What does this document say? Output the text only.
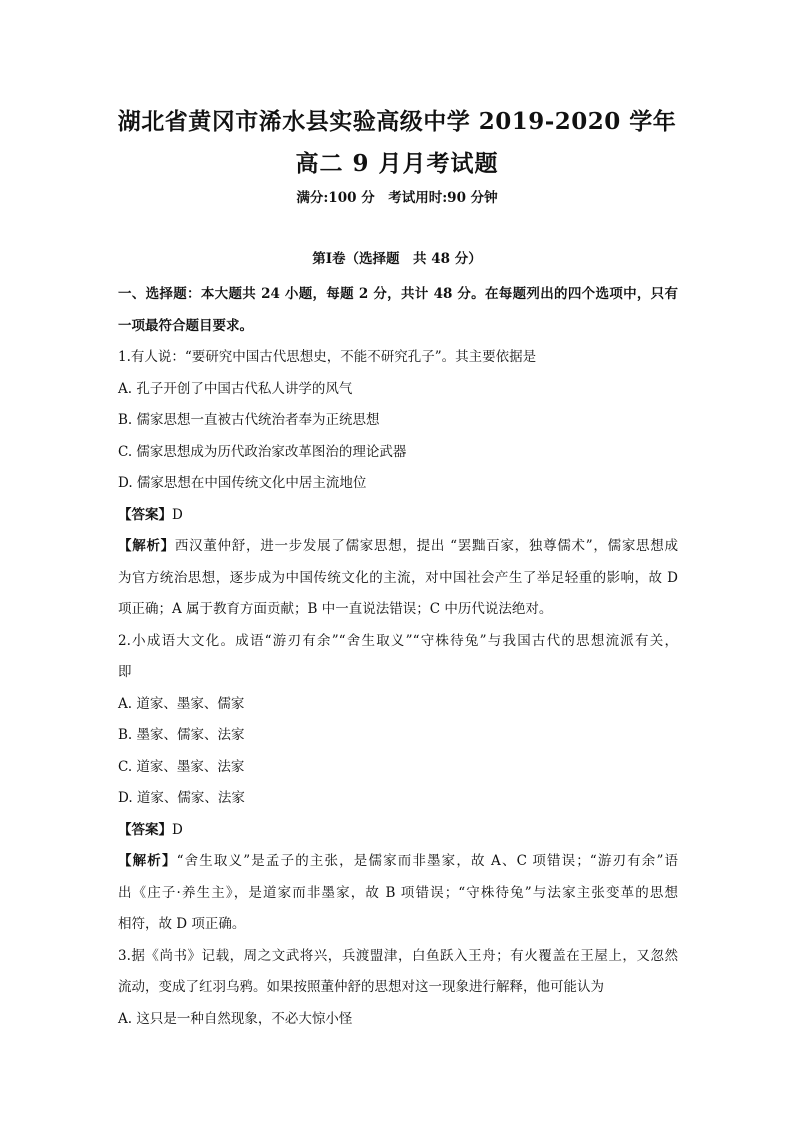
湖北省黄冈市浠水县实验高级中学 2019-2020 学年
高二 9 月月考试题
满分:100 分　考试用时:90 分钟
第Ⅰ卷（选择题　共 48 分）
一、选择题：本大题共 24 小题，每题 2 分，共计 48 分。在每题列出的四个选项中，只有
一项最符合题目要求。
1.有人说：“要研究中国古代思想史，不能不研究孔子”。其主要依据是
A. 孔子开创了中国古代私人讲学的风气
B. 儒家思想一直被古代统治者奉为正统思想
C. 儒家思想成为历代政治家改革图治的理论武器
D. 儒家思想在中国传统文化中居主流地位
【答案】D
【解析】西汉董仲舒，进一步发展了儒家思想，提出 “罢黜百家，独尊儒术”，儒家思想成
为官方统治思想，逐步成为中国传统文化的主流，对中国社会产生了举足轻重的影响，故 D
项正确；A 属于教育方面贡献；B 中一直说法错误；C 中历代说法绝对。
2.小成语大文化。成语“游刃有余”“舍生取义”“守株待兔”与我国古代的思想流派有关，
即
A. 道家、墨家、儒家
B. 墨家、儒家、法家
C. 道家、墨家、法家
D. 道家、儒家、法家
【答案】D
【解析】“舍生取义”是孟子的主张，是儒家而非墨家，故 A、C 项错误；“游刃有余”语
出《庄子·养生主》，是道家而非墨家，故 B 项错误；“守株待兔”与法家主张变革的思想
相符，故 D 项正确。
3.据《尚书》记载，周之文武将兴，兵渡盟津，白鱼跃入王舟；有火覆盖在王屋上，又忽然
流动，变成了红羽乌鸦。如果按照董仲舒的思想对这一现象进行解释，他可能认为
A. 这只是一种自然现象，不必大惊小怪
